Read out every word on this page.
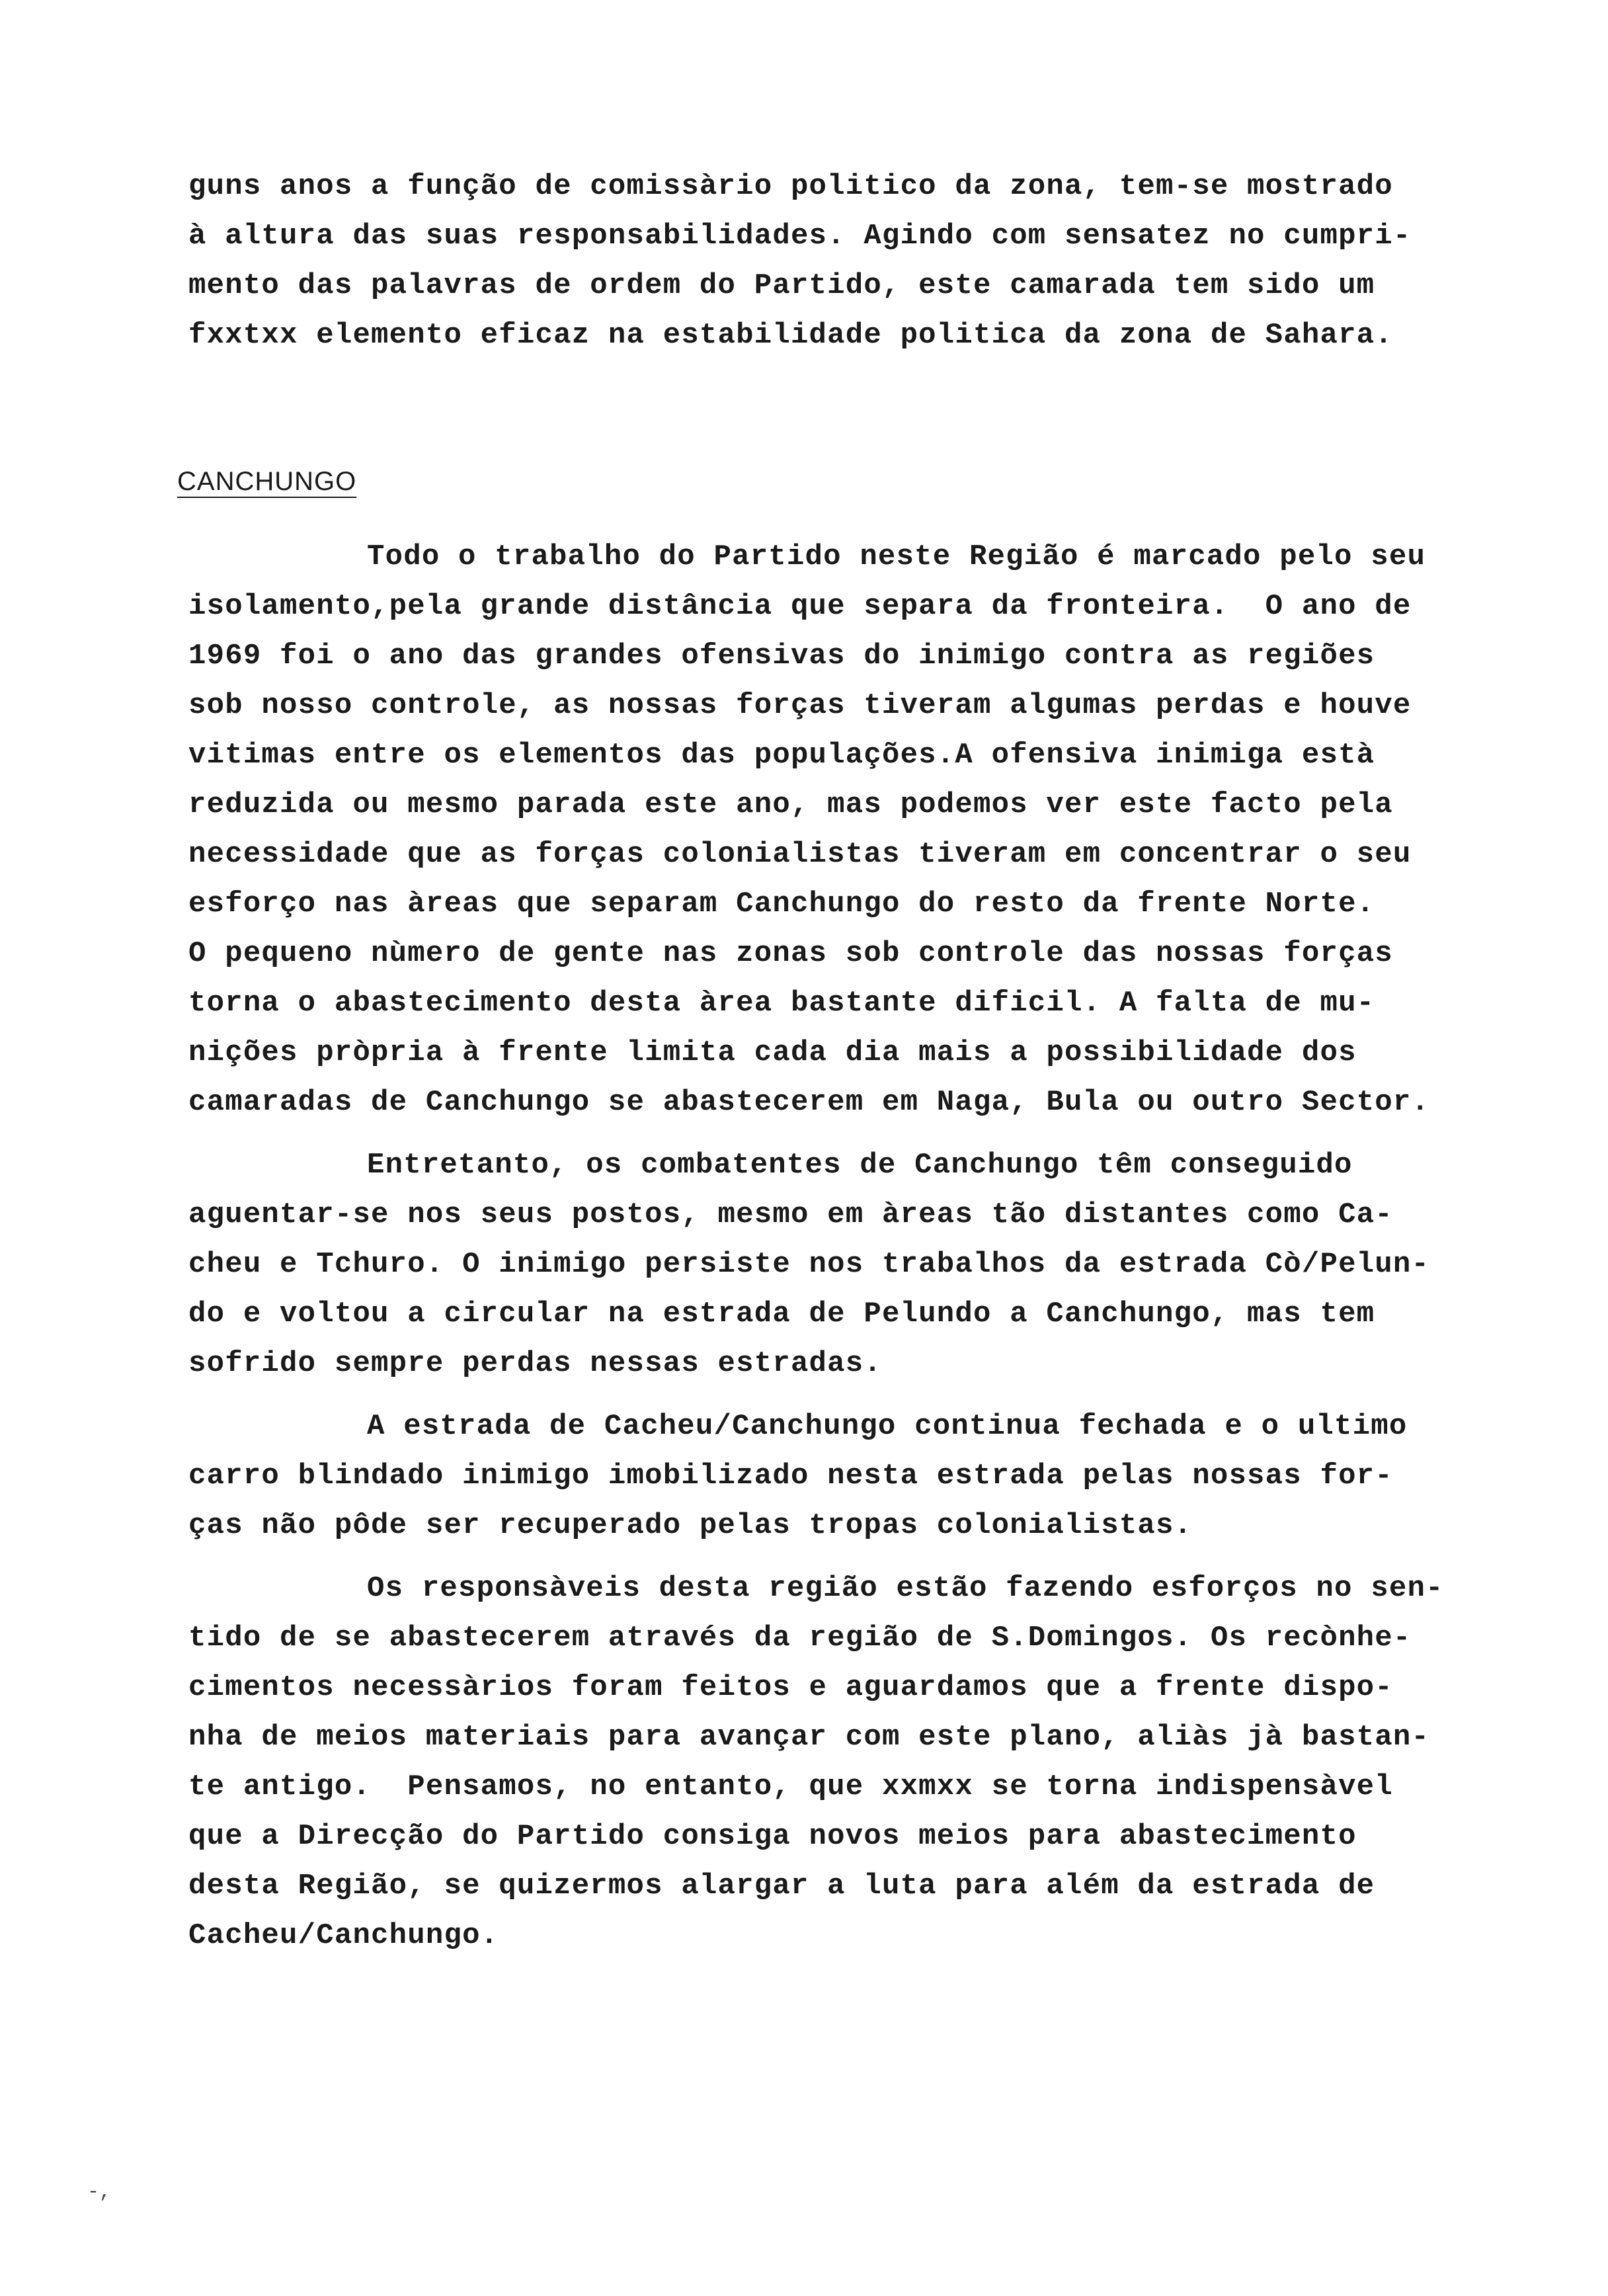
guns anos a função de comissàrio politico da zona, tem-se mostrado
à altura das suas responsabilidades. Agindo com sensatez no cumpri-
mento das palavras de ordem do Partido, este camarada tem sido um
fxxtxx elemento eficaz na estabilidade politica da zona de Sahara.
CANCHUNGO
Todo o trabalho do Partido neste Região é marcado pelo seu
isolamento,pela grande distância que separa da fronteira.  O ano de
1969 foi o ano das grandes ofensivas do inimigo contra as regiões
sob nosso controle, as nossas forças tiveram algumas perdas e houve
vitimas entre os elementos das populações.A ofensiva inimiga està
reduzida ou mesmo parada este ano, mas podemos ver este facto pela
necessidade que as forças colonialistas tiveram em concentrar o seu
esforço nas àreas que separam Canchungo do resto da frente Norte.
O pequeno nùmero de gente nas zonas sob controle das nossas forças
torna o abastecimento desta àrea bastante dificil. A falta de mu-
nições pròpria à frente limita cada dia mais a possibilidade dos
camaradas de Canchungo se abastecerem em Naga, Bula ou outro Sector.
Entretanto, os combatentes de Canchungo têm conseguido
aguentar-se nos seus postos, mesmo em àreas tão distantes como Ca-
cheu e Tchuro. O inimigo persiste nos trabalhos da estrada Cò/Pelun-
do e voltou a circular na estrada de Pelundo a Canchungo, mas tem
sofrido sempre perdas nessas estradas.
A estrada de Cacheu/Canchungo continua fechada e o ultimo
carro blindado inimigo imobilizado nesta estrada pelas nossas for-
ças não pôde ser recuperado pelas tropas colonialistas.
Os responsàveis desta região estão fazendo esforços no sen-
tido de se abastecerem através da região de S.Domingos. Os recònhe-
cimentos necessàrios foram feitos e aguardamos que a frente dispo-
nha de meios materiais para avançar com este plano, aliàs jà bastan-
te antigo.  Pensamos, no entanto, que xxmxx se torna indispensàvel
que a Direcção do Partido consiga novos meios para abastecimento
desta Região, se quizermos alargar a luta para além da estrada de
Cacheu/Canchungo.
-,
